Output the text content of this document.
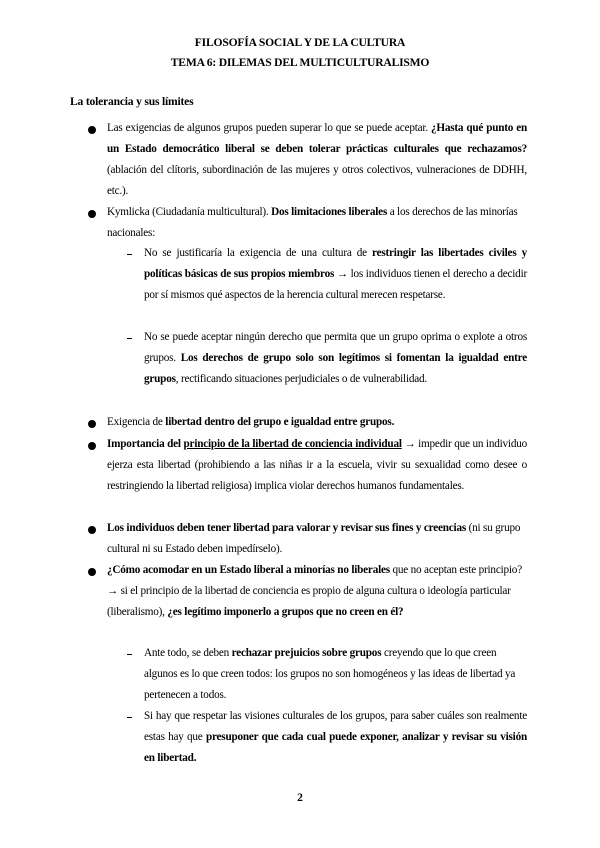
FILOSOFÍA SOCIAL Y DE LA CULTURA
TEMA 6: DILEMAS DEL MULTICULTURALISMO
La tolerancia y sus límites
Las exigencias de algunos grupos pueden superar lo que se puede aceptar. ¿Hasta qué punto en un Estado democrático liberal se deben tolerar prácticas culturales que rechazamos? (ablación del clítoris, subordinación de las mujeres y otros colectivos, vulneraciones de DDHH, etc.).
Kymlicka (Ciudadanía multicultural). Dos limitaciones liberales a los derechos de las minorías nacionales:
No se justificaría la exigencia de una cultura de restringir las libertades civiles y políticas básicas de sus propios miembros → los individuos tienen el derecho a decidir por sí mismos qué aspectos de la herencia cultural merecen respetarse.
No se puede aceptar ningún derecho que permita que un grupo oprima o explote a otros grupos. Los derechos de grupo solo son legítimos si fomentan la igualdad entre grupos, rectificando situaciones perjudiciales o de vulnerabilidad.
Exigencia de libertad dentro del grupo e igualdad entre grupos.
Importancia del principio de la libertad de conciencia individual → impedir que un individuo ejerza esta libertad (prohibiendo a las niñas ir a la escuela, vivir su sexualidad como desee o restringiendo la libertad religiosa) implica violar derechos humanos fundamentales.
Los individuos deben tener libertad para valorar y revisar sus fines y creencias (ni su grupo cultural ni su Estado deben impedírselo).
¿Cómo acomodar en un Estado liberal a minorías no liberales que no aceptan este principio? → si el principio de la libertad de conciencia es propio de alguna cultura o ideología particular (liberalismo), ¿es legítimo imponerlo a grupos que no creen en él?
Ante todo, se deben rechazar prejuicios sobre grupos creyendo que lo que creen algunos es lo que creen todos: los grupos no son homogéneos y las ideas de libertad ya pertenecen a todos.
Si hay que respetar las visiones culturales de los grupos, para saber cuáles son realmente estas hay que presuponer que cada cual puede exponer, analizar y revisar su visión en libertad.
2
